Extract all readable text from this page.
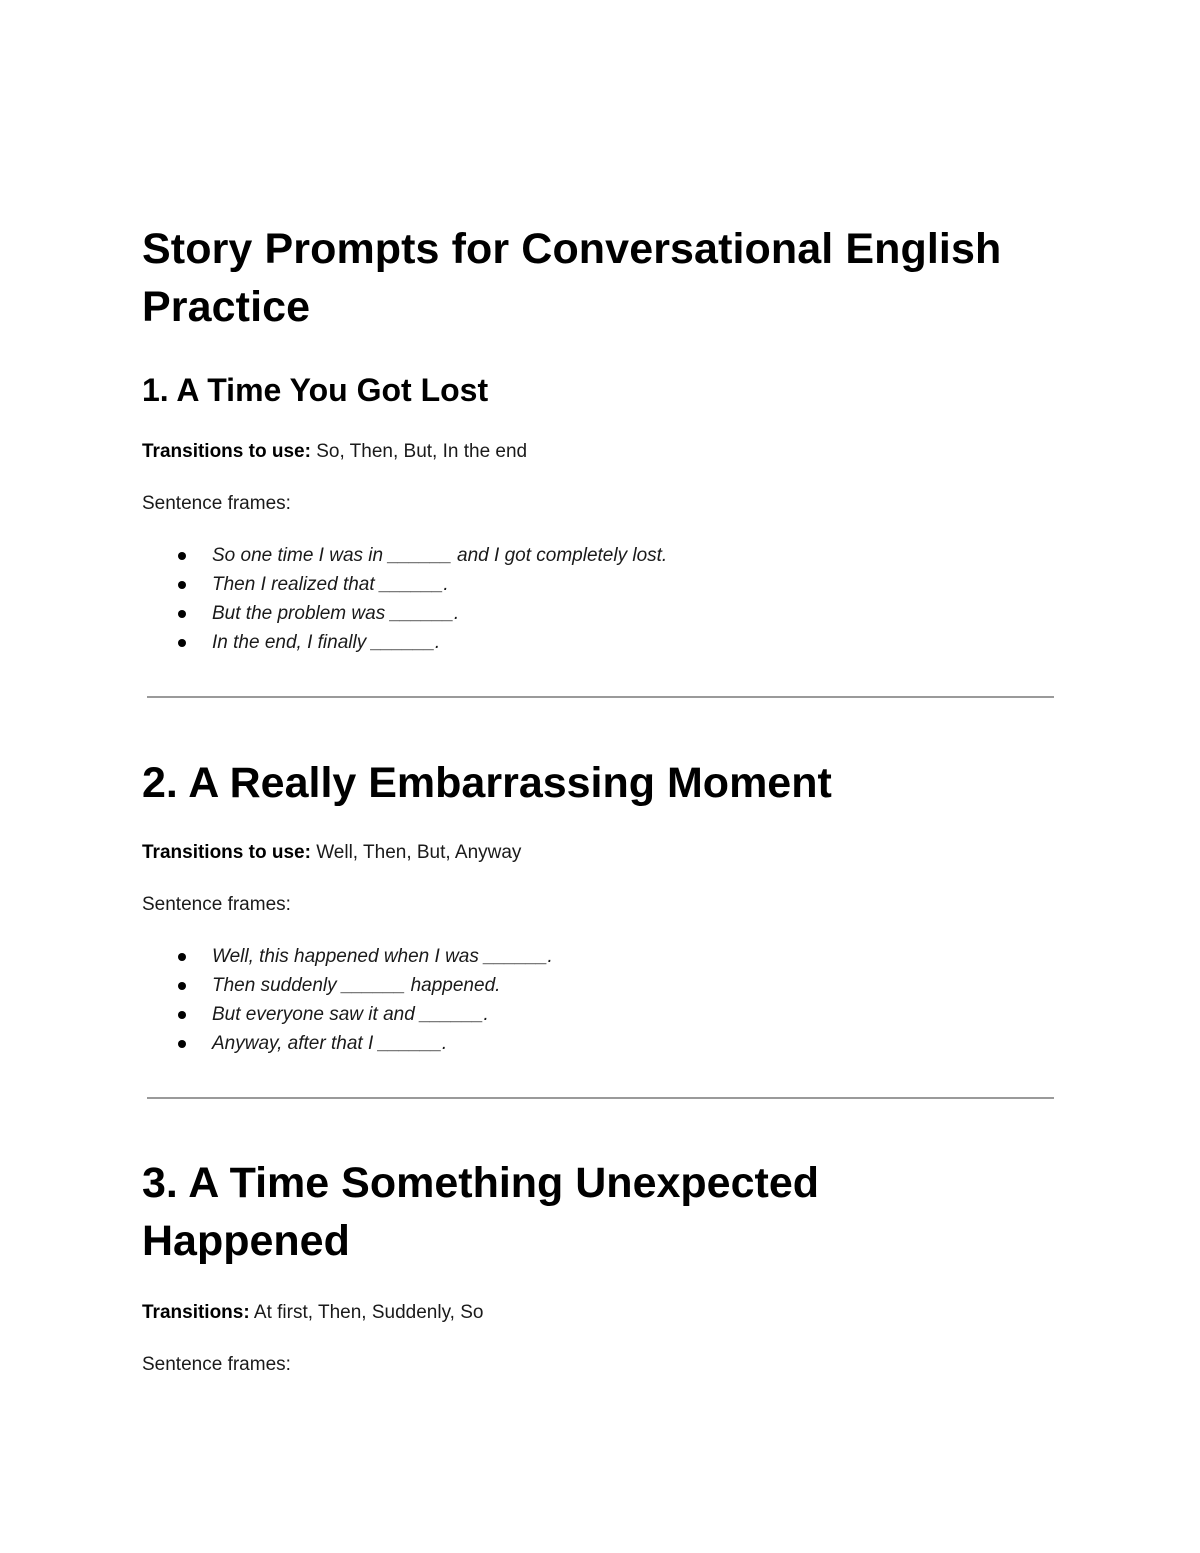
Story Prompts for Conversational English Practice
1. A Time You Got Lost

Transitions to use: So, Then, But, In the end

Sentence frames:

So one time I was in ______ and I got completely lost.
Then I realized that ______.
But the problem was ______.
In the end, I finally ______.
2. A Really Embarrassing Moment

Transitions to use: Well, Then, But, Anyway

Sentence frames:

Well, this happened when I was ______.
Then suddenly ______ happened.
But everyone saw it and ______.
Anyway, after that I ______.
3. A Time Something Unexpected Happened

Transitions: At first, Then, Suddenly, So

Sentence frames:
